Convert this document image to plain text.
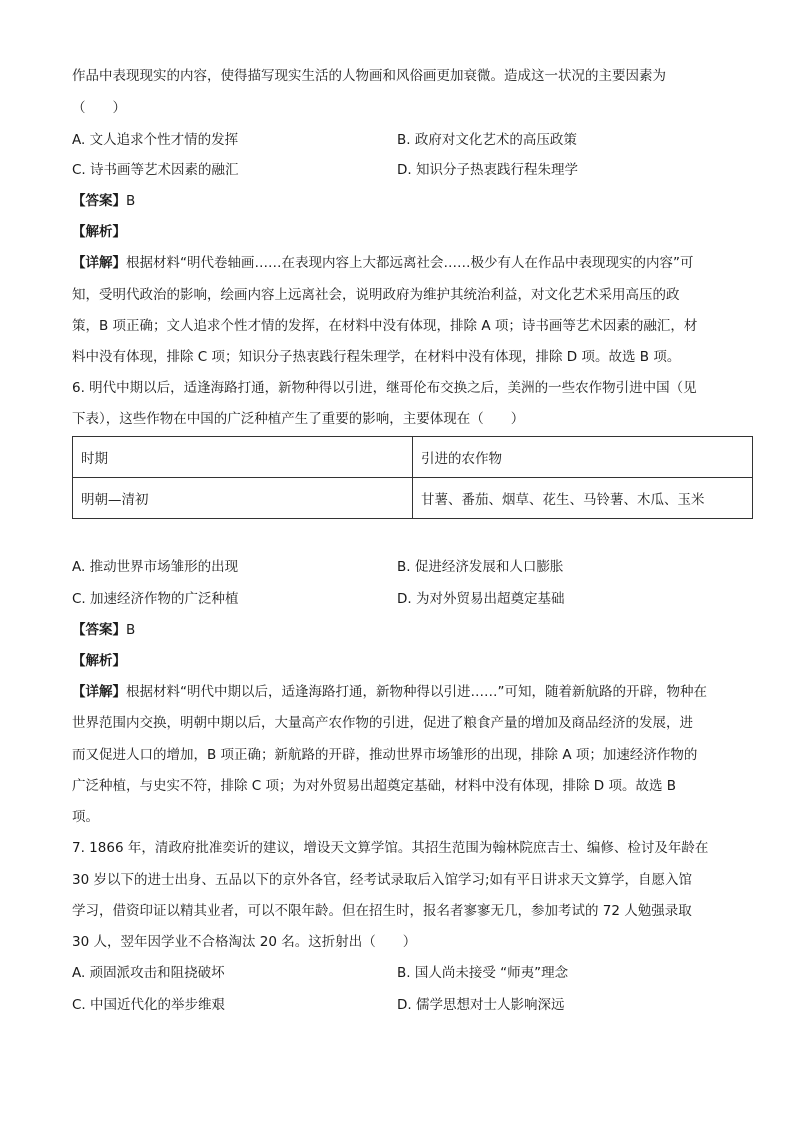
作品中表现现实的内容，使得描写现实生活的人物画和风俗画更加衰微。造成这一状况的主要因素为
（　　）
A. 文人追求个性才情的发挥	B. 政府对文化艺术的高压政策
C. 诗书画等艺术因素的融汇	D. 知识分子热衷践行程朱理学
【答案】B
【解析】
【详解】根据材料“明代卷轴画……在表现内容上大都远离社会……极少有人在作品中表现现实的内容”可
知，受明代政治的影响，绘画内容上远离社会，说明政府为维护其统治利益，对文化艺术采用高压的政
策，B 项正确；文人追求个性才情的发挥，在材料中没有体现，排除 A 项；诗书画等艺术因素的融汇，材
料中没有体现，排除 C 项；知识分子热衷践行程朱理学，在材料中没有体现，排除 D 项。故选 B 项。
6. 明代中期以后，适逢海路打通，新物种得以引进，继哥伦布交换之后，美洲的一些农作物引进中国（见
下表），这些作物在中国的广泛种植产生了重要的影响，主要体现在（　　）
时期	引进的农作物
明朝—清初	甘薯、番茄、烟草、花生、马铃薯、木瓜、玉米
A. 推动世界市场雏形的出现	B. 促进经济发展和人口膨胀
C. 加速经济作物的广泛种植	D. 为对外贸易出超奠定基础
【答案】B
【解析】
【详解】根据材料“明代中期以后，适逢海路打通，新物种得以引进……”可知，随着新航路的开辟，物种在
世界范围内交换，明朝中期以后，大量高产农作物的引进，促进了粮食产量的增加及商品经济的发展，进
而又促进人口的增加，B 项正确；新航路的开辟，推动世界市场雏形的出现，排除 A 项；加速经济作物的
广泛种植，与史实不符，排除 C 项；为对外贸易出超奠定基础，材料中没有体现，排除 D 项。故选 B
项。
7. 1866 年，清政府批准奕䜣的建议，增设天文算学馆。其招生范围为翰林院庶吉士、编修、检讨及年龄在
30 岁以下的进士出身、五品以下的京外各官，经考试录取后入馆学习;如有平日讲求天文算学，自愿入馆
学习，借资印证以精其业者，可以不限年龄。但在招生时，报名者寥寥无几，参加考试的 72 人勉强录取
30 人，翌年因学业不合格淘汰 20 名。这折射出（　　）
A. 顽固派攻击和阻挠破坏	B. 国人尚未接受 “师夷”理念
C. 中国近代化的举步维艰	D. 儒学思想对士人影响深远
